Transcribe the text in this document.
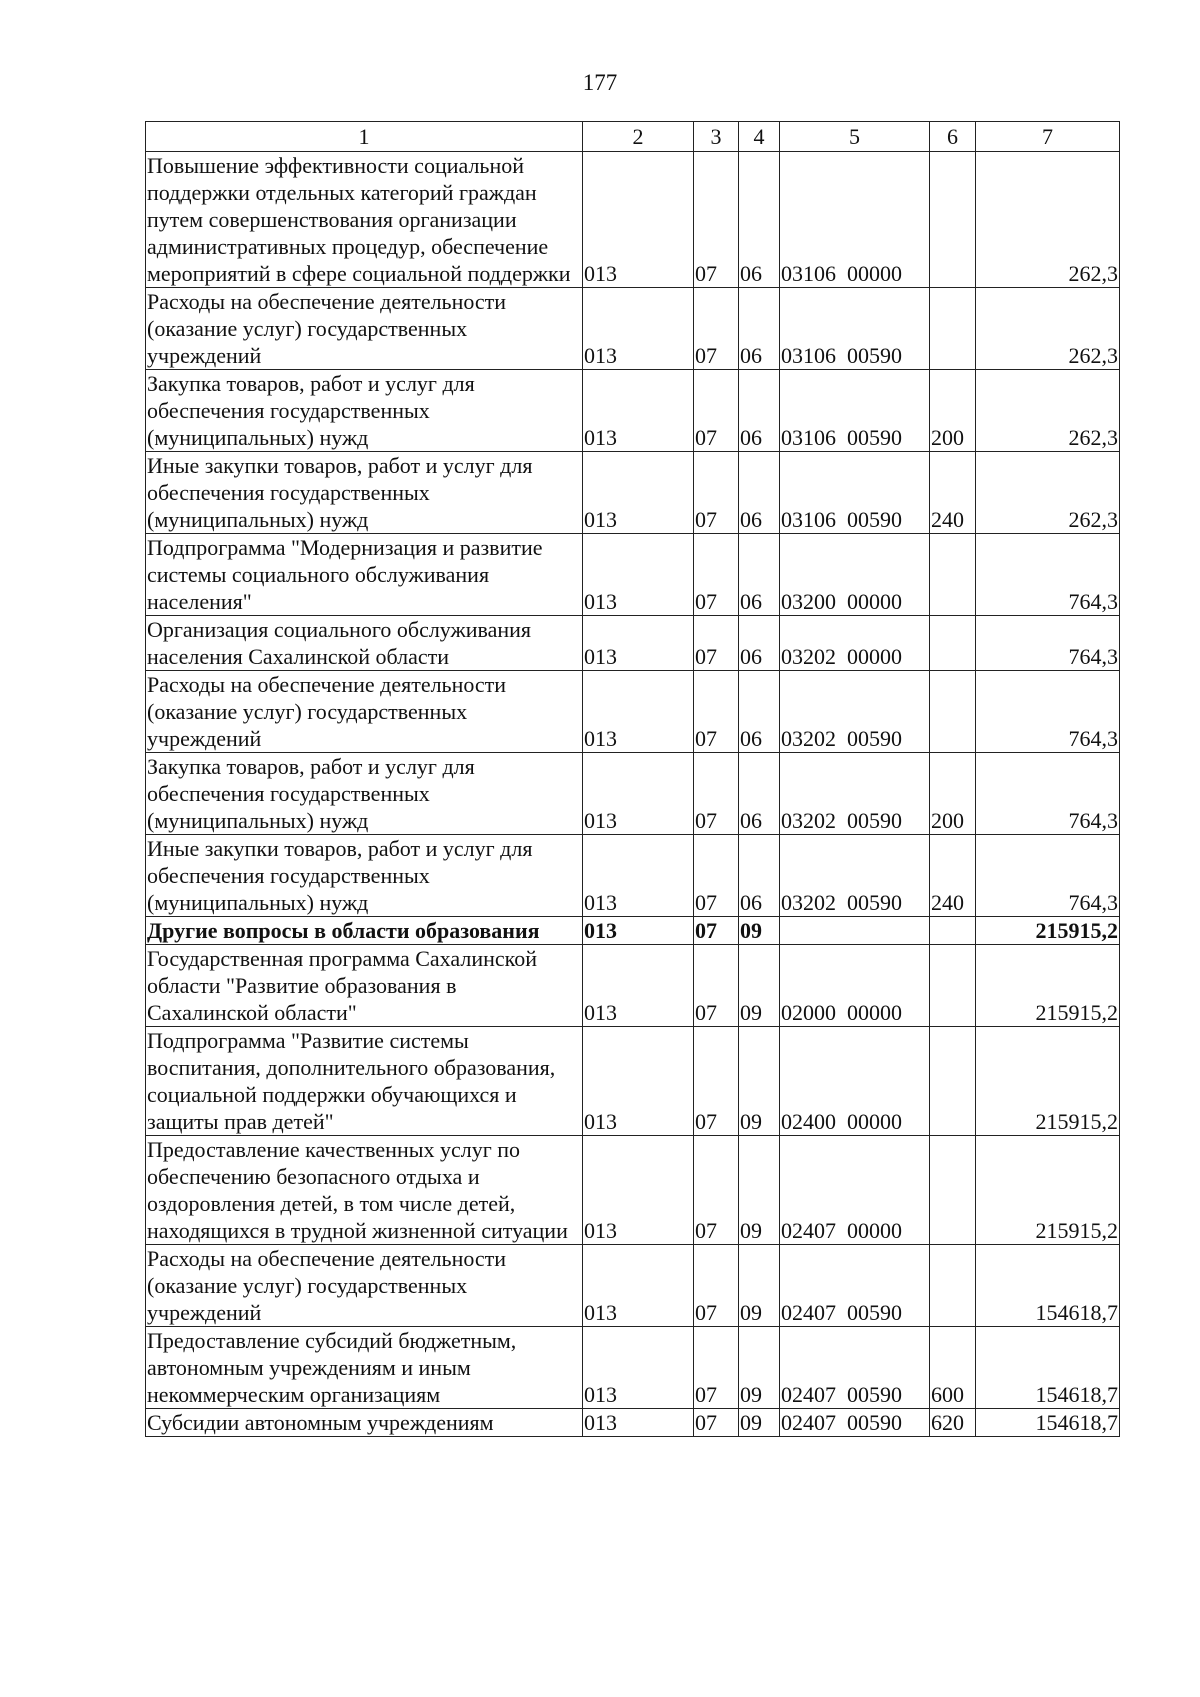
177
1	2	3	4	5	6	7
Повышение эффективности социальной поддержки отдельных категорий граждан путем совершенствования организации административных процедур, обеспечение мероприятий в сфере социальной поддержки	013	07	06	03106  00000		262,3
Расходы на обеспечение деятельности (оказание услуг) государственных учреждений	013	07	06	03106  00590		262,3
Закупка товаров, работ и услуг для обеспечения государственных (муниципальных) нужд	013	07	06	03106  00590	200	262,3
Иные закупки товаров, работ и услуг для обеспечения государственных (муниципальных) нужд	013	07	06	03106  00590	240	262,3
Подпрограмма "Модернизация и развитие системы социального обслуживания населения"	013	07	06	03200  00000		764,3
Организация социального обслуживания населения Сахалинской области	013	07	06	03202  00000		764,3
Расходы на обеспечение деятельности (оказание услуг) государственных учреждений	013	07	06	03202  00590		764,3
Закупка товаров, работ и услуг для обеспечения государственных (муниципальных) нужд	013	07	06	03202  00590	200	764,3
Иные закупки товаров, работ и услуг для обеспечения государственных (муниципальных) нужд	013	07	06	03202  00590	240	764,3
Другие вопросы в области образования	013	07	09			215915,2
Государственная программа Сахалинской области "Развитие образования в Сахалинской области"	013	07	09	02000  00000		215915,2
Подпрограмма "Развитие системы воспитания, дополнительного образования, социальной поддержки обучающихся и защиты прав детей"	013	07	09	02400  00000		215915,2
Предоставление качественных услуг по обеспечению безопасного отдыха и оздоровления детей, в том числе детей, находящихся в трудной жизненной ситуации	013	07	09	02407  00000		215915,2
Расходы на обеспечение деятельности (оказание услуг) государственных учреждений	013	07	09	02407  00590		154618,7
Предоставление субсидий бюджетным, автономным учреждениям и иным некоммерческим организациям	013	07	09	02407  00590	600	154618,7
Субсидии автономным учреждениям	013	07	09	02407  00590	620	154618,7
